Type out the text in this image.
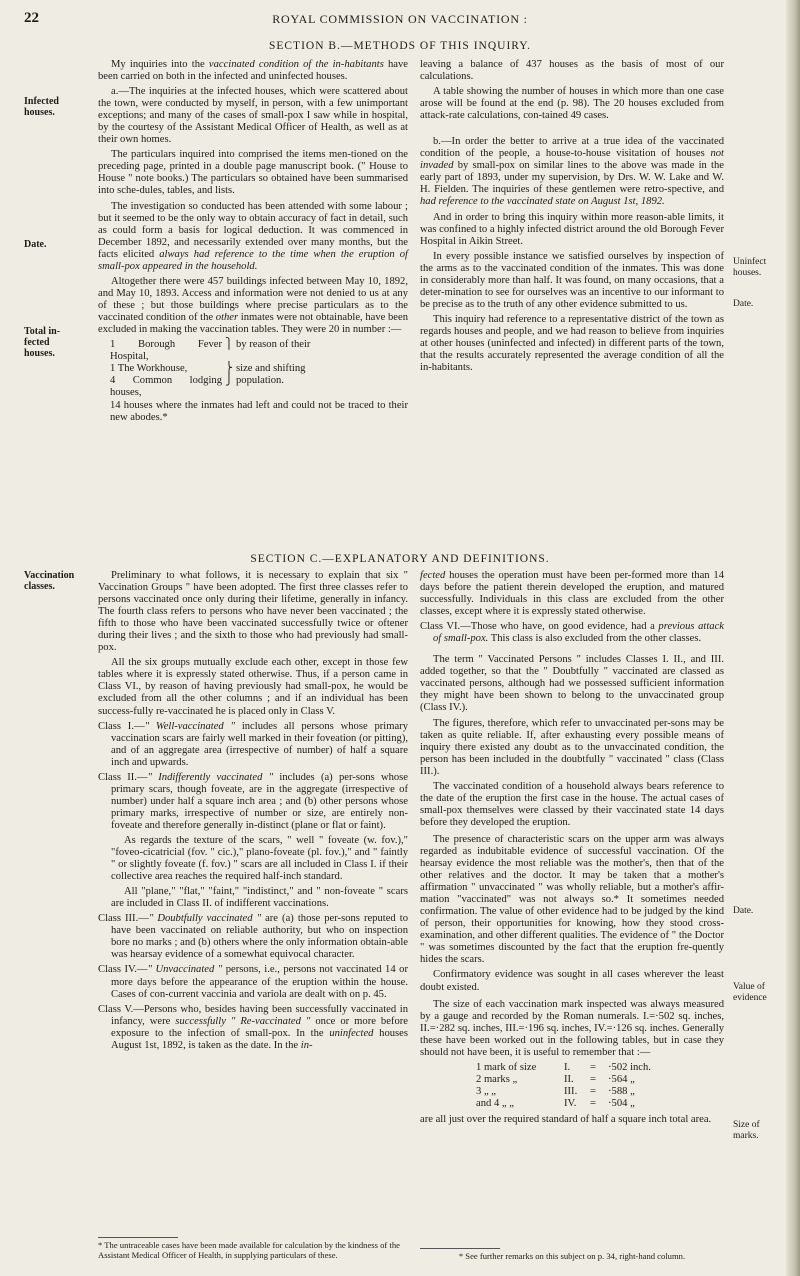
22	ROYAL COMMISSION ON VACCINATION :
SECTION B.—METHODS OF THIS INQUIRY.

My inquiries into the vaccinated condition of the in-habitants have been carried on both in the infected and uninfected houses.

a.—The inquiries at the infected houses, which were scattered about the town, were conducted by myself, in person, with a few unimportant exceptions; and many of the cases of small-pox I saw while in hospital, by the courtesy of the Assistant Medical Officer of Health, as well as at their own homes.

The particulars inquired into comprised the items men-tioned on the preceding page, printed in a double page manuscript book. (" House to House " note books.) The particulars so obtained have been summarised into sche-dules, tables, and lists.

The investigation so conducted has been attended with some labour ; but it seemed to be the only way to obtain accuracy of fact in detail, such as could form a basis for logical deduction. It was commenced in December 1892, and necessarily extended over many months, but the facts elicited always had reference to the time when the eruption of small-pox appeared in the household.

Altogether there were 457 buildings infected between May 10, 1892, and May 10, 1893. Access and information were not denied to us at any of these ; but those buildings where precise particulars as to the vaccinated condition of the other inmates were not obtainable, have been excluded in making the vaccination tables. They were 20 in number :—

1 Borough Fever Hospital,
⎫ by reason of their
1 The Workhouse,	⎬ size and shifting
4 Common lodging houses,
⎭ population.

14 houses where the inmates had left and could not be traced to their new abodes.*

leaving a balance of 437 houses as the basis of most of our calculations.

A table showing the number of houses in which more than one case arose will be found at the end (p. 98). The 20 houses excluded from attack-rate calculations, con-tained 49 cases.

b.—In order the better to arrive at a true idea of the vaccinated condition of the people, a house-to-house visitation of houses not invaded by small-pox on similar lines to the above was made in the early part of 1893, under my supervision, by Drs. W. W. Lake and W. H. Fielden. The inquiries of these gentlemen were retro-spective, and had reference to the vaccinated state on August 1st, 1892.

And in order to bring this inquiry within more reason-able limits, it was confined to a highly infected district around the old Borough Fever Hospital in Aikin Street.

In every possible instance we satisfied ourselves by inspection of the arms as to the vaccinated condition of the inmates. This was done in considerably more than half. It was found, on many occasions, that a deter-mination to see for ourselves was an incentive to our informant to be precise as to the truth of any other evidence submitted to us.

This inquiry had reference to a representative district of the town as regards houses and people, and we had reason to believe from inquiries at other houses (uninfected and infected) in different parts of the town, that the results accurately represented the average condition of all the in-habitants.

SECTION C.—EXPLANATORY AND DEFINITIONS.

Preliminary to what follows, it is necessary to explain that six " Vaccination Groups " have been adopted. The first three classes refer to persons vaccinated once only during their lifetime, generally in infancy. The fourth class refers to persons who have never been vaccinated ; the fifth to those who have been vaccinated successfully twice or oftener during their lives ; and the sixth to those who had previously had small-pox.

All the six groups mutually exclude each other, except in those few tables where it is expressly stated otherwise. Thus, if a person came in Class VI., by reason of having previously had small-pox, he would be excluded from all the other columns ; and if an individual has been success-fully re-vaccinated he is placed only in Class V.

Class I.—" Well-vaccinated " includes all persons whose primary vaccination scars are fairly well marked in their foveation (or pitting), and of an aggregate area (irrespective of number) of half a square inch and upwards.

Class II.—" Indifferently vaccinated " includes (a) per-sons whose primary scars, though foveate, are in the aggregate (irrespective of number) under half a square inch area ; and (b) other persons whose primary marks, irrespective of number or size, are entirely non-foveate and therefore generally in-distinct (plane or flat or faint).

As regards the texture of the scars, " well " foveate (w. fov.)," "foveo-cicatricial (fov. " cic.)," plano-foveate (pl. fov.)," and " faintly " or slightly foveate (f. fov.) " scars are all included in Class I. if their collective area reaches the required half-inch standard.

All "plane," "flat," "faint," "indistinct," and " non-foveate " scars are included in Class II. of indifferent vaccinations.

Class III.—" Doubtfully vaccinated " are (a) those per-sons reputed to have been vaccinated on reliable authority, but who on inspection bore no marks ; and (b) others where the only information obtain-able was hearsay evidence of a somewhat equivocal character.

Class IV.—" Unvaccinated " persons, i.e., persons not vaccinated 14 or more days before the appearance of the eruption within the house. Cases of con-current vaccinia and variola are dealt with on p. 45.

Class V.—Persons who, besides having been successfully vaccinated in infancy, were successfully " Re-vaccinated " once or more before exposure to the infection of small-pox. In the uninfected houses August 1st, 1892, is taken as the date. In the in-

fected houses the operation must have been per-formed more than 14 days before the patient therein developed the eruption, and matured successfully. Individuals in this class are excluded from the other classes, except where it is expressly stated otherwise.

Class VI.—Those who have, on good evidence, had a previous attack of small-pox. This class is also excluded from the other classes.

The term " Vaccinated Persons " includes Classes I. II., and III. added together, so that the " Doubtfully " vaccinated are classed as vaccinated persons, although had we possessed sufficient information they might have been shown to belong to the unvaccinated group (Class IV.).

The figures, therefore, which refer to unvaccinated per-sons may be taken as quite reliable. If, after exhausting every possible means of inquiry there existed any doubt as to the unvaccinated condition, the person has been included in the doubtfully " vaccinated " class (Class III.).

The vaccinated condition of a household always bears reference to the date of the eruption the first case in the house. The actual cases of small-pox themselves were classed by their vaccinated state 14 days before they developed the eruption.

The presence of characteristic scars on the upper arm was always regarded as indubitable evidence of successful vaccination. Of the hearsay evidence the most reliable was the mother's, then that of the other relatives and the doctor. It may be taken that a mother's affirmation " unvaccinated " was wholly reliable, but a mother's affir-mation "vaccinated" was not always so.* It sometimes needed confirmation. The value of other evidence had to be judged by the kind of person, their opportunities for knowing, how they stood cross-examination, and other different qualities. The evidence of " the Doctor " was sometimes discounted by the fact that the eruption fre-quently hides the scars.

Confirmatory evidence was sought in all cases wherever the least doubt existed.

The size of each vaccination mark inspected was always measured by a gauge and recorded by the Roman numerals. I.=·502 sq. inches, II.=·282 sq. inches, III.=·196 sq. inches, IV.=·126 sq. inches. Generally these have been worked out in the following tables, but in case they should not have been, it is useful to remember that :—

1 mark of size	I.	=	·502 inch.
2 marks „	II.	=	·564 „
3 „ „	III.	=	·588 „
and 4 „ „	IV.	=	·504 „

are all just over the required standard of half a square inch total area.

Infected houses.
Date.
Total in-fected houses.
Vaccination classes.
Uninfect houses.
Date.
Date.
Value of evidence
Size of marks.
* The untraceable cases have been made available for calculation by the kindness of the Assistant Medical Officer of Health, in supplying particulars of these.	* See further remarks on this subject on p. 34, right-hand column.
